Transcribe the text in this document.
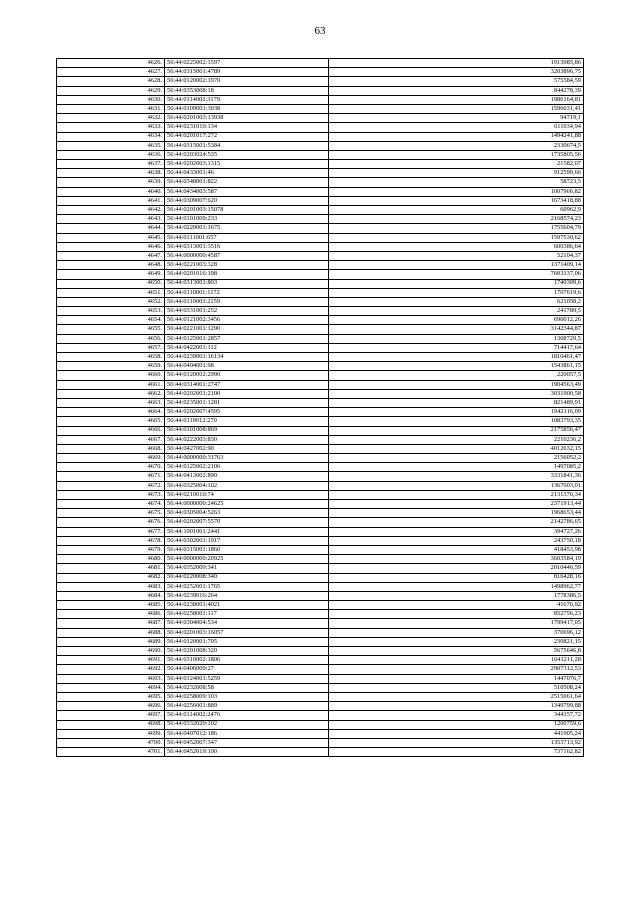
63
4626.	56:44:0225002:1597	1913985,86
4627.	56:44:0315001:4789	3203896,75
4628.	56:44:0120002:1970	575584,59
4629.	56:44:0353008:18	844278,39
4630.	56:44:0114002:3179	1986164,81
4631.	56:44:0109001:3038	1596031,41
4632.	56:44:0201003:13938	94719,1
4633.	56:44:0231010:134	611034,94
4634.	56:44:0201017:272	1494241,88
4635.	56:44:0315001:5384	2330674,5
4636.	56:44:0203024:535	1735805,56
4637.	56:44:0202003:1315	21582,07
4638.	56:44:0433001:46	912599,66
4639.	56:44:0348001:822	58723,5
4640.	56:44:0434003:587	1007966,82
4641.	56:44:0309007:620	1673418,88
4642.	56:44:0201003:15078	60962,9
4643.	56:44:0101009:233	2168574,23
4644.	56:44:0229001:1675	1755604,79
4645.	56:44:0111001:657	1597530,62
4646.	56:44:0313001:3516	600386,64
4647.	56:44:0000000:4587	52104,37
4648.	56:44:0221003:328	1371409,14
4649.	56:44:0201016:198	7603137,06
4650.	56:44:0313001:803	1740309,6
4651.	56:44:0110001:1172	1707619,6
4652.	56:44:0110003:2159	621058,2
4653.	56:44:0331001:252	241789,5
4654.	56:44:0121002:3456	690012,26
4655.	56:44:0221001:1290	3142344,87
4656.	56:44:0125001:2857	1308729,5
4657.	56:44:0422001:112	714417,64
4658.	56:44:0239001:16134	1810461,47
4659.	56:44:0404001:98	1543861,15
4660.	56:44:0120002:2990	220057,5
4661.	56:44:0314001:2747	1904563,49
4662.	56:44:0202001:2100	3031900,58
4663.	56:44:0235001:1281	821489,91
4664.	56:44:0202007:4595	1942116,09
4665.	56:44:0119012:270	1083793,35
4666.	56:44:0101008:869	2175856,47
4667.	56:44:0222003:830	2210236,2
4668.	56:44:0427002:90	4012632,15
4669.	56:44:0000000:31763	2156052,2
4670.	56:44:0125002:2106	1497085,2
4671.	56:44:0413002:890	3331841,36
4672.	56:44:0325004:102	1367603,01
4673.	56:44:0210010:74	2131376,34
4674.	56:44:0000000:24625	2371913,44
4675.	56:44:0305004:5263	1968653,44
4676.	56:44:0202007:5570	2142786,65
4677.	56:44:1001001:2441	394727,26
4678.	56:44:0302001:1917	243750,18
4679.	56:44:0315001:1860	418453,98
4680.	56:44:0000000:20925	3603584,19
4681.	56:44:0352009:341	2010446,59
4682.	56:44:0220008:340	816428,16
4683.	56:44:0252001:1765	1498962,77
4684.	56:44:0239016:264	1778386,5
4685.	56:44:0238001:4021	41676,92
4686.	56:44:0258001:117	852756,23
4687.	56:44:0304004:534	1799417,05
4688.	56:44:0201003:16057	370696,12
4689.	56:44:0120001:705	230821,15
4690.	56:44:0201008:320	5675646,8
4691.	56:44:0310002:1806	1641211,28
4692.	56:44:0406009:27	2907312,53
4693.	56:44:0124001:5259	1447076,7
4694.	56:44:0232008:58	510508,24
4695.	56:44:0258009:103	2515061,64
4696.	56:44:0256001:889	1349799,88
4697.	56:44:0114002:2476	344357,72
4698.	56:44:0332020:102	1200759,6
4699.	56:44:0407012:186	441905,24
4700.	56:44:0452007:347	1353713,92
4701.	56:44:0452019:100	737162,82
